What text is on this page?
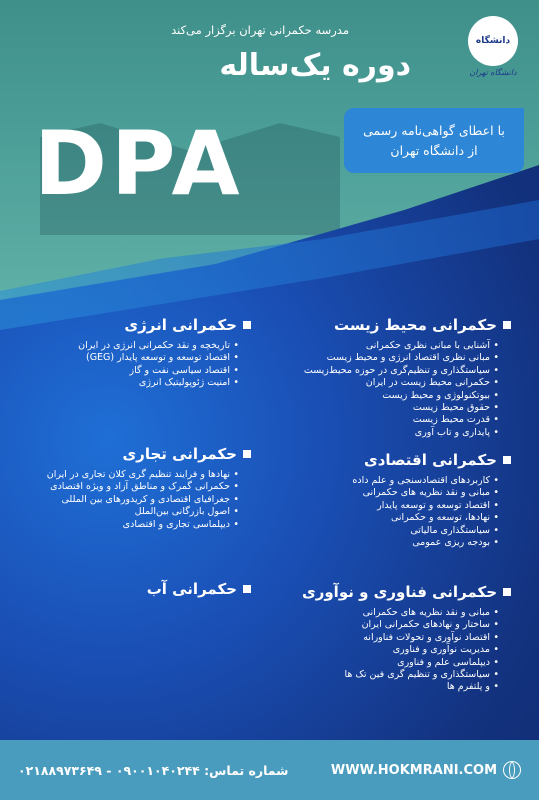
مدرسه حکمرانی تهران برگزار می‌کند
دانشگاه
دانشگاه تهران
دوره یک‌ساله
DPA	با اعطای گواهی‌نامه رسمی
از دانشگاه تهران
حکمرانی محیط زیست
• آشنایی با مبانی نظری حکمرانی
• مبانی نظری اقتصاد انرژی و محیط زیست
• سیاستگذاری و تنظیم‌گری در حوزه محیط‌زیست
• حکمرانی محیط زیست در ایران
• بیوتکنولوژی و محیط زیست
• حقوق محیط زیست
• قدرت محیط زیست
• پایداری و تاب آوری
حکمرانی انرژی
• تاریخچه و نقد حکمرانی انرژی در ایران
• اقتصاد توسعه و توسعه پایدار (GEG)
• اقتصاد سیاسی نفت و گاز
• امنیت ژئوپولیتیک انرژی
حکمرانی اقتصادی
• کاربردهای اقتصادسنجی و علم داده
• مبانی و نقد نظریه های حکمرانی
• اقتصاد توسعه و توسعه پایدار
• نهادها، توسعه و حکمرانی
• سیاستگذاری مالیاتی
• بودجه ریزی عمومی
حکمرانی تجاری
• نهادها و فرایند تنظیم گری کلان تجاری در ایران
• حکمرانی گمرک و مناطق آزاد و ویژه اقتصادی
• جغرافیای اقتصادی و کریدورهای بین المللی
• اصول بازرگانی بین‌الملل
• دیپلماسی تجاری و اقتصادی
حکمرانی فناوری و نوآوری
• مبانی و نقد نظریه های حکمرانی
• ساختار و نهادهای حکمرانی ایران
• اقتصاد نوآوری و تحولات فناورانه
• مدیریت نوآوری و فناوری
• دیپلماسی علم و فناوری
• سیاستگذاری و تنظیم گری فین تک ها
• و پلتفرم ها
حکمرانی آب
شماره تماس: ۰۹۰۰۱۰۴۰۲۴۴ - ۰۲۱۸۸۹۷۳۶۴۹	WWW.HOKMRANI.COM
